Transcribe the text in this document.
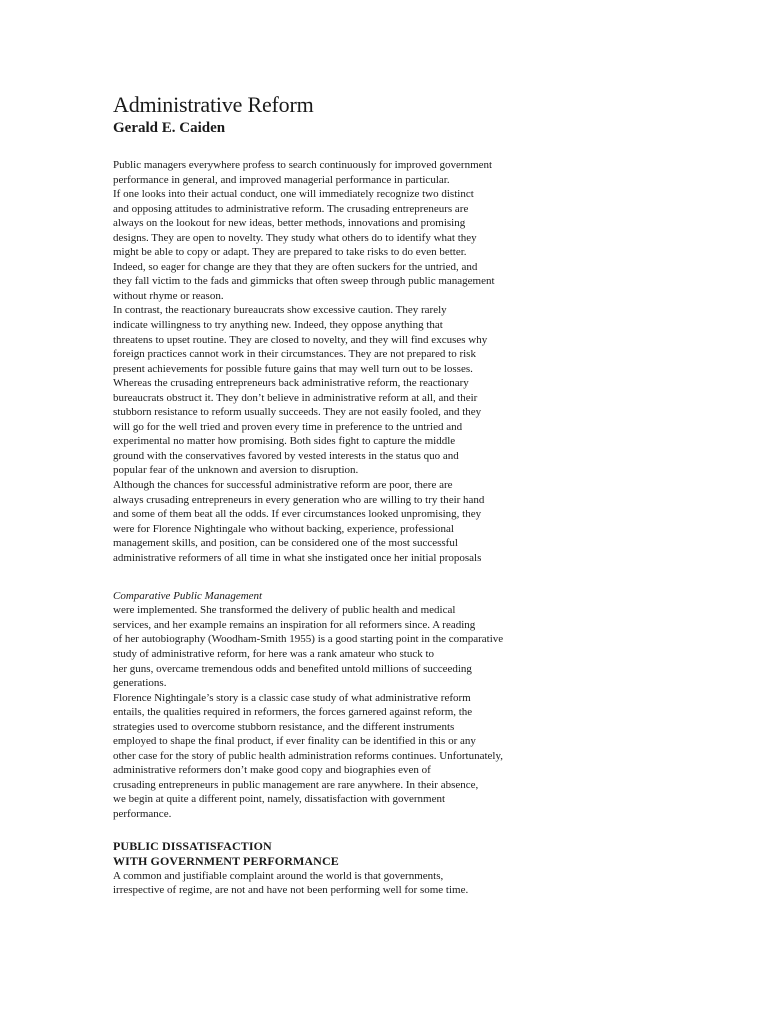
Administrative Reform
Gerald E. Caiden

Public managers everywhere profess to search continuously for improved government
performance in general, and improved managerial performance in particular.
If one looks into their actual conduct, one will immediately recognize two distinct
and opposing attitudes to administrative reform. The crusading entrepreneurs are
always on the lookout for new ideas, better methods, innovations and promising
designs. They are open to novelty. They study what others do to identify what they
might be able to copy or adapt. They are prepared to take risks to do even better.
Indeed, so eager for change are they that they are often suckers for the untried, and
they fall victim to the fads and gimmicks that often sweep through public management
without rhyme or reason.
In contrast, the reactionary bureaucrats show excessive caution. They rarely
indicate willingness to try anything new. Indeed, they oppose anything that
threatens to upset routine. They are closed to novelty, and they will find excuses why
foreign practices cannot work in their circumstances. They are not prepared to risk
present achievements for possible future gains that may well turn out to be losses.
Whereas the crusading entrepreneurs back administrative reform, the reactionary
bureaucrats obstruct it. They don’t believe in administrative reform at all, and their
stubborn resistance to reform usually succeeds. They are not easily fooled, and they
will go for the well tried and proven every time in preference to the untried and
experimental no matter how promising. Both sides fight to capture the middle
ground with the conservatives favored by vested interests in the status quo and
popular fear of the unknown and aversion to disruption.
Although the chances for successful administrative reform are poor, there are
always crusading entrepreneurs in every generation who are willing to try their hand
and some of them beat all the odds. If ever circumstances looked unpromising, they
were for Florence Nightingale who without backing, experience, professional
management skills, and position, can be considered one of the most successful
administrative reformers of all time in what she instigated once her initial proposals

Comparative Public Management

were implemented. She transformed the delivery of public health and medical
services, and her example remains an inspiration for all reformers since. A reading
of her autobiography (Woodham-Smith 1955) is a good starting point in the comparative
study of administrative reform, for here was a rank amateur who stuck to
her guns, overcame tremendous odds and benefited untold millions of succeeding
generations.
Florence Nightingale’s story is a classic case study of what administrative reform
entails, the qualities required in reformers, the forces garnered against reform, the
strategies used to overcome stubborn resistance, and the different instruments
employed to shape the final product, if ever finality can be identified in this or any
other case for the story of public health administration reforms continues. Unfortunately,
administrative reformers don’t make good copy and biographies even of
crusading entrepreneurs in public management are rare anywhere. In their absence,
we begin at quite a different point, namely, dissatisfaction with government
performance.

PUBLIC DISSATISFACTION
WITH GOVERNMENT PERFORMANCE

A common and justifiable complaint around the world is that governments,
irrespective of regime, are not and have not been performing well for some time.
